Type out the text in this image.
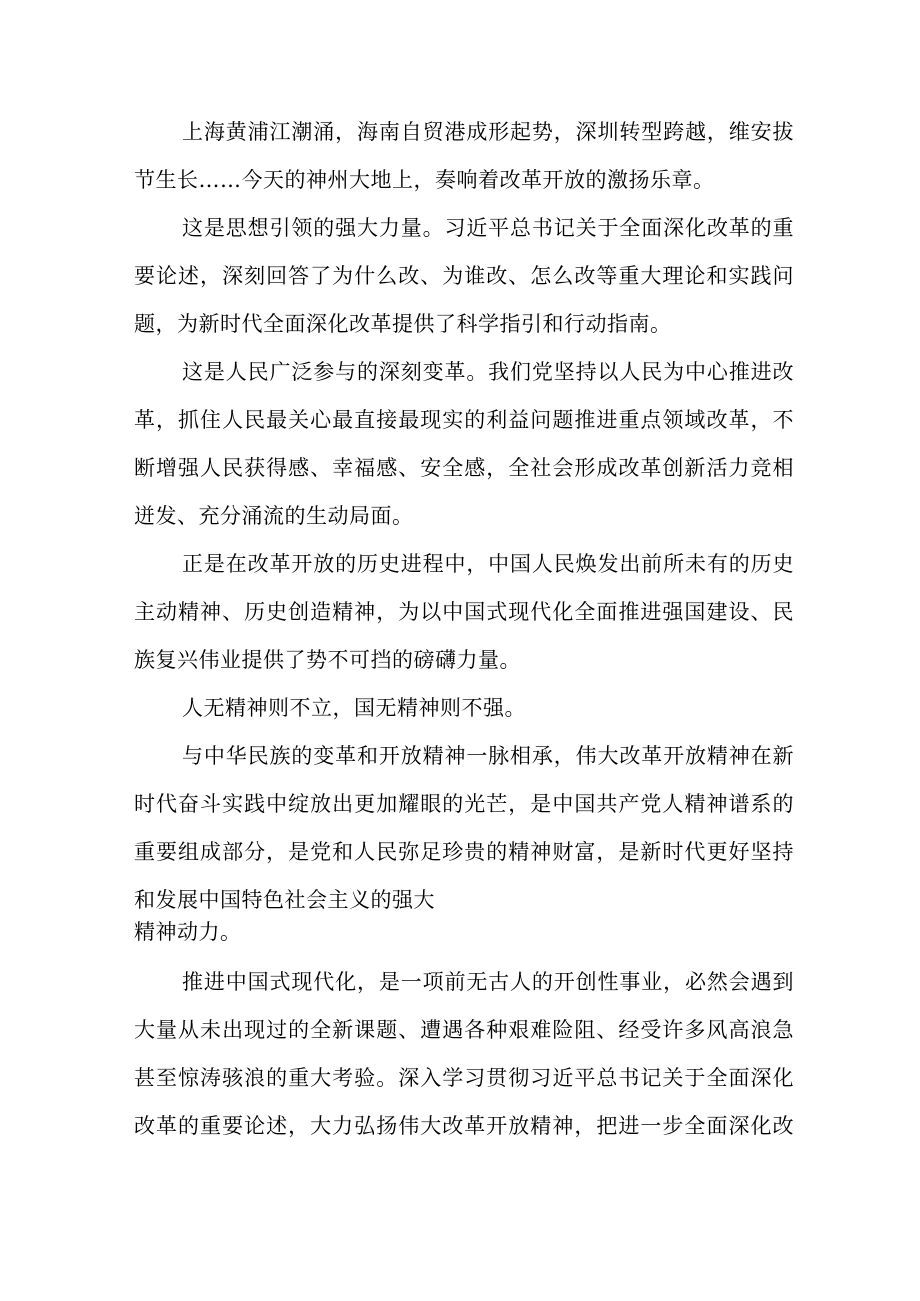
上海黄浦江潮涌，海南自贸港成形起势，深圳转型跨越，维安拔
节生长……今天的神州大地上，奏响着改革开放的激扬乐章。
这是思想引领的强大力量。习近平总书记关于全面深化改革的重
要论述，深刻回答了为什么改、为谁改、怎么改等重大理论和实践问
题，为新时代全面深化改革提供了科学指引和行动指南。
这是人民广泛参与的深刻变革。我们党坚持以人民为中心推进改
革，抓住人民最关心最直接最现实的利益问题推进重点领域改革，不
断增强人民获得感、幸福感、安全感，全社会形成改革创新活力竞相
迸发、充分涌流的生动局面。
正是在改革开放的历史进程中，中国人民焕发出前所未有的历史
主动精神、历史创造精神，为以中国式现代化全面推进强国建设、民
族复兴伟业提供了势不可挡的磅礴力量。
人无精神则不立，国无精神则不强。
与中华民族的变革和开放精神一脉相承，伟大改革开放精神在新
时代奋斗实践中绽放出更加耀眼的光芒，是中国共产党人精神谱系的
重要组成部分，是党和人民弥足珍贵的精神财富，是新时代更好坚持
和发展中国特色社会主义的强大
精神动力。
推进中国式现代化，是一项前无古人的开创性事业，必然会遇到
大量从未出现过的全新课题、遭遇各种艰难险阻、经受许多风高浪急
甚至惊涛骇浪的重大考验。深入学习贯彻习近平总书记关于全面深化
改革的重要论述，大力弘扬伟大改革开放精神，把进一步全面深化改
